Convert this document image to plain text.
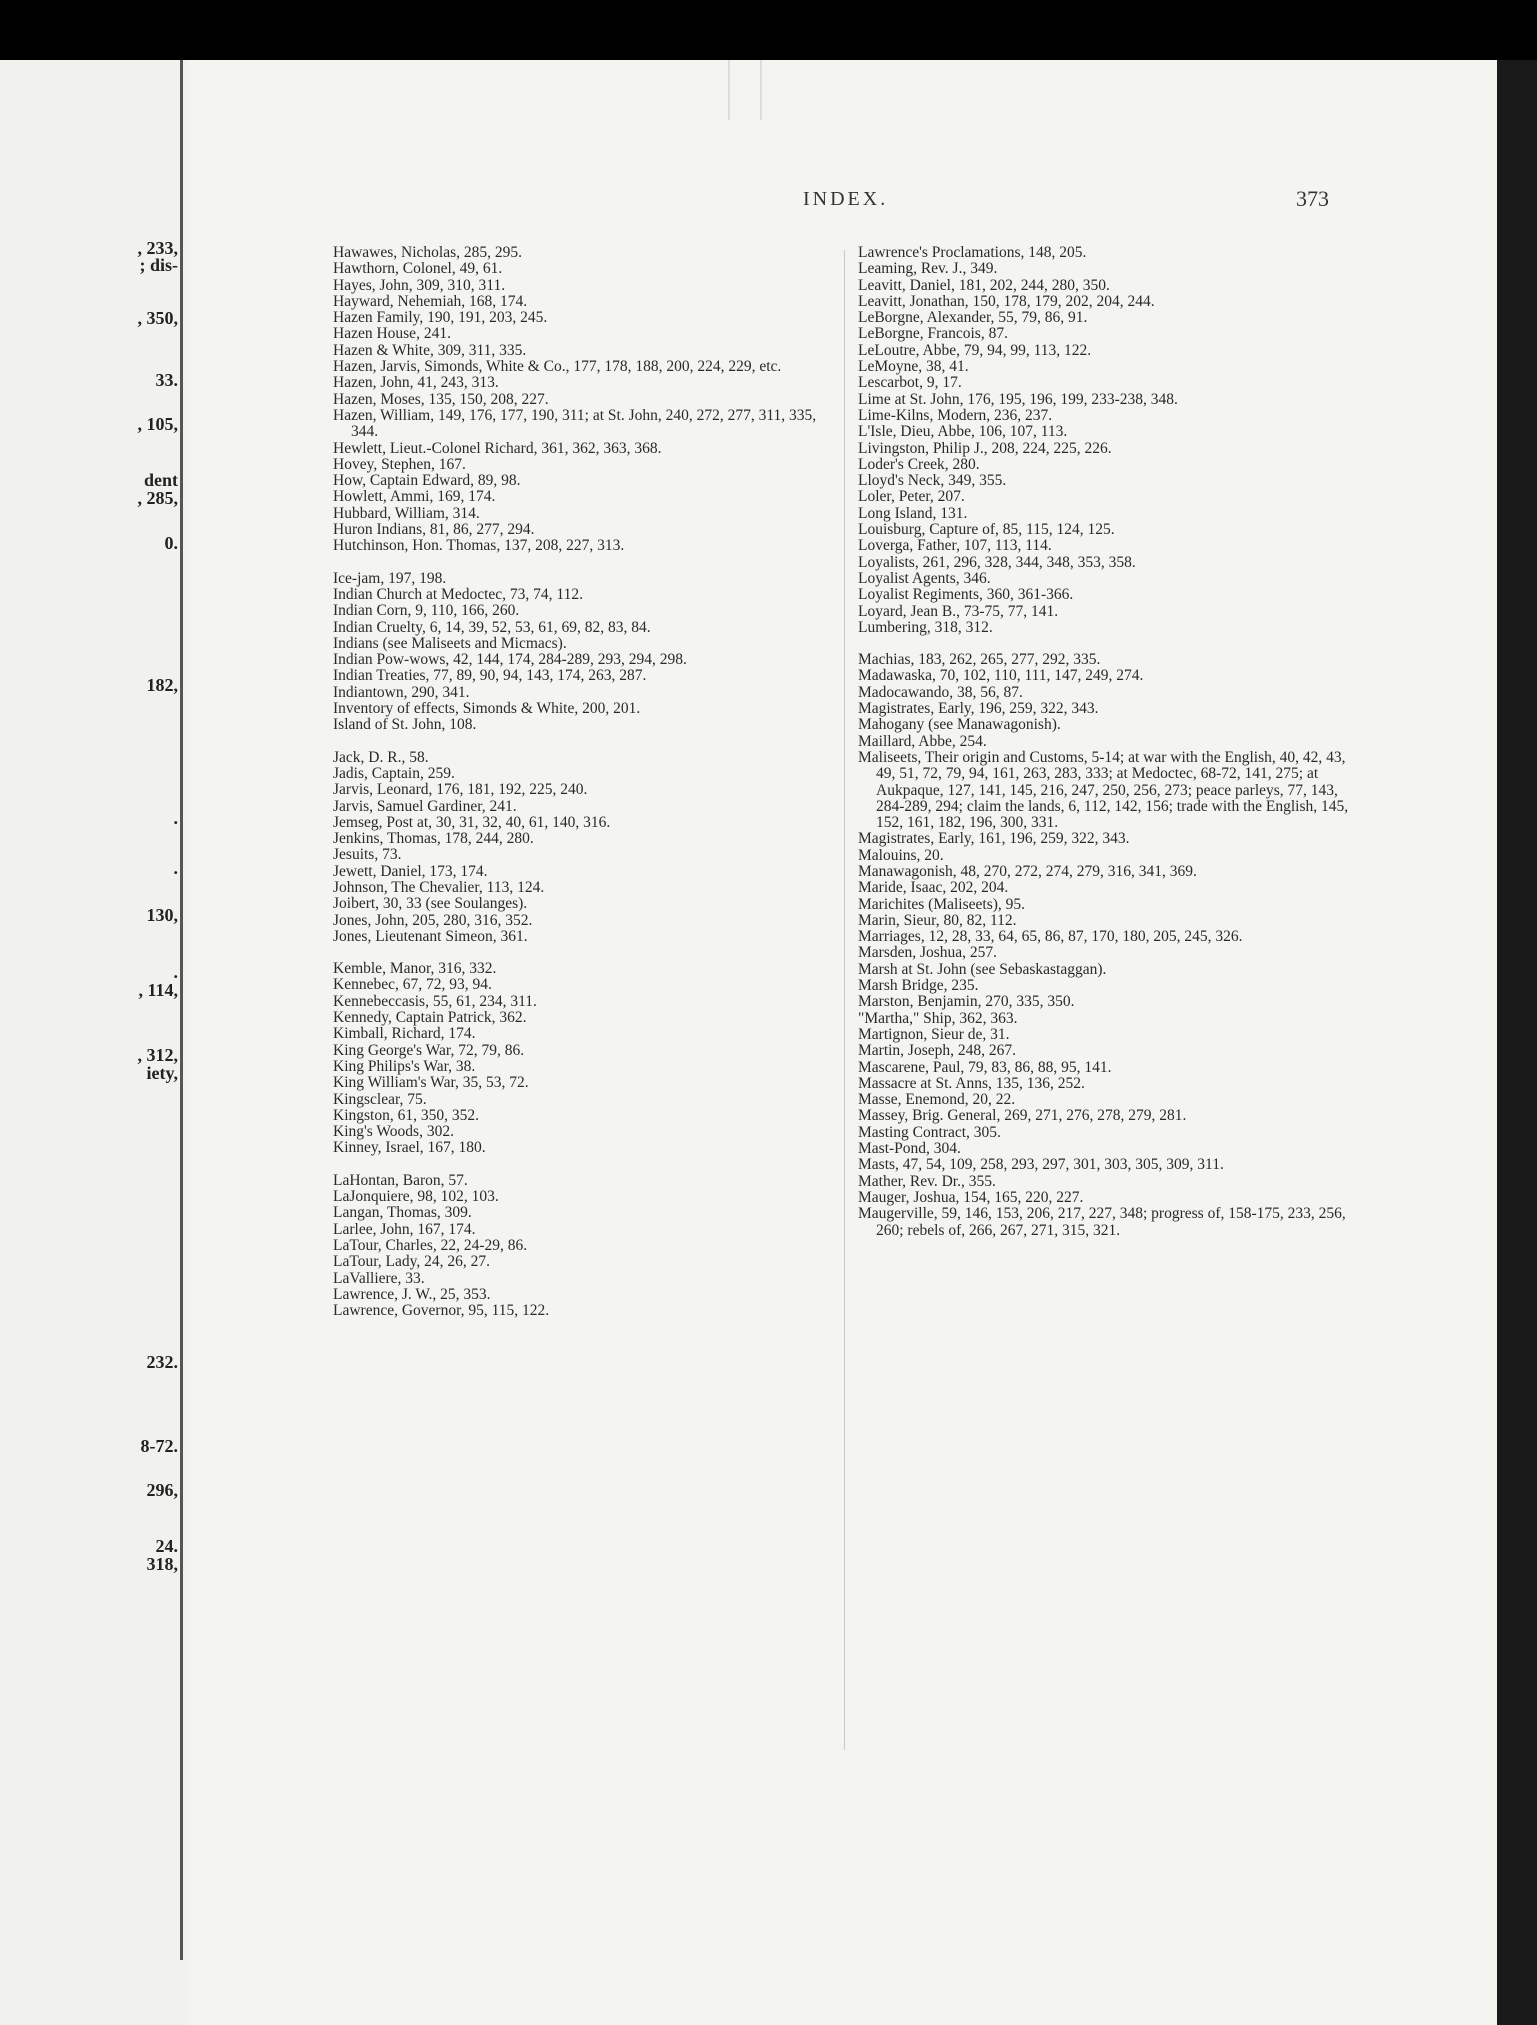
, 233,
; dis-
, 350,
33.
, 105,
dent
, 285,
0.
182,
.
.
130,
.
, 114,
, 312,
iety,
232.
8-72.
296,
24.
318,
INDEX.	373
Hawawes, Nicholas, 285, 295.
Hawthorn, Colonel, 49, 61.
Hayes, John, 309, 310, 311.
Hayward, Nehemiah, 168, 174.
Hazen Family, 190, 191, 203, 245.
Hazen House, 241.
Hazen & White, 309, 311, 335.
Hazen, Jarvis, Simonds, White & Co., 177, 178, 188, 200, 224, 229, etc.
Hazen, John, 41, 243, 313.
Hazen, Moses, 135, 150, 208, 227.
Hazen, William, 149, 176, 177, 190, 311; at St. John, 240, 272, 277, 311, 335, 344.
Hewlett, Lieut.-Colonel Richard, 361, 362, 363, 368.
Hovey, Stephen, 167.
How, Captain Edward, 89, 98.
Howlett, Ammi, 169, 174.
Hubbard, William, 314.
Huron Indians, 81, 86, 277, 294.
Hutchinson, Hon. Thomas, 137, 208, 227, 313.
Ice-jam, 197, 198.
Indian Church at Medoctec, 73, 74, 112.
Indian Corn, 9, 110, 166, 260.
Indian Cruelty, 6, 14, 39, 52, 53, 61, 69, 82, 83, 84.
Indians (see Maliseets and Micmacs).
Indian Pow-wows, 42, 144, 174, 284-289, 293, 294, 298.
Indian Treaties, 77, 89, 90, 94, 143, 174, 263, 287.
Indiantown, 290, 341.
Inventory of effects, Simonds & White, 200, 201.
Island of St. John, 108.
Jack, D. R., 58.
Jadis, Captain, 259.
Jarvis, Leonard, 176, 181, 192, 225, 240.
Jarvis, Samuel Gardiner, 241.
Jemseg, Post at, 30, 31, 32, 40, 61, 140, 316.
Jenkins, Thomas, 178, 244, 280.
Jesuits, 73.
Jewett, Daniel, 173, 174.
Johnson, The Chevalier, 113, 124.
Joibert, 30, 33 (see Soulanges).
Jones, John, 205, 280, 316, 352.
Jones, Lieutenant Simeon, 361.
Kemble, Manor, 316, 332.
Kennebec, 67, 72, 93, 94.
Kennebeccasis, 55, 61, 234, 311.
Kennedy, Captain Patrick, 362.
Kimball, Richard, 174.
King George's War, 72, 79, 86.
King Philips's War, 38.
King William's War, 35, 53, 72.
Kingsclear, 75.
Kingston, 61, 350, 352.
King's Woods, 302.
Kinney, Israel, 167, 180.
LaHontan, Baron, 57.
LaJonquiere, 98, 102, 103.
Langan, Thomas, 309.
Larlee, John, 167, 174.
LaTour, Charles, 22, 24-29, 86.
LaTour, Lady, 24, 26, 27.
LaValliere, 33.
Lawrence, J. W., 25, 353.
Lawrence, Governor, 95, 115, 122.
Lawrence's Proclamations, 148, 205.
Leaming, Rev. J., 349.
Leavitt, Daniel, 181, 202, 244, 280, 350.
Leavitt, Jonathan, 150, 178, 179, 202, 204, 244.
LeBorgne, Alexander, 55, 79, 86, 91.
LeBorgne, Francois, 87.
LeLoutre, Abbe, 79, 94, 99, 113, 122.
LeMoyne, 38, 41.
Lescarbot, 9, 17.
Lime at St. John, 176, 195, 196, 199, 233-238, 348.
Lime-Kilns, Modern, 236, 237.
L'Isle, Dieu, Abbe, 106, 107, 113.
Livingston, Philip J., 208, 224, 225, 226.
Loder's Creek, 280.
Lloyd's Neck, 349, 355.
Loler, Peter, 207.
Long Island, 131.
Louisburg, Capture of, 85, 115, 124, 125.
Loverga, Father, 107, 113, 114.
Loyalists, 261, 296, 328, 344, 348, 353, 358.
Loyalist Agents, 346.
Loyalist Regiments, 360, 361-366.
Loyard, Jean B., 73-75, 77, 141.
Lumbering, 318, 312.
Machias, 183, 262, 265, 277, 292, 335.
Madawaska, 70, 102, 110, 111, 147, 249, 274.
Madocawando, 38, 56, 87.
Magistrates, Early, 196, 259, 322, 343.
Mahogany (see Manawagonish).
Maillard, Abbe, 254.
Maliseets, Their origin and Customs, 5-14; at war with the English, 40, 42, 43, 49, 51, 72, 79, 94, 161, 263, 283, 333; at Medoctec, 68-72, 141, 275; at Aukpaque, 127, 141, 145, 216, 247, 250, 256, 273; peace parleys, 77, 143, 284-289, 294; claim the lands, 6, 112, 142, 156; trade with the English, 145, 152, 161, 182, 196, 300, 331.
Magistrates, Early, 161, 196, 259, 322, 343.
Malouins, 20.
Manawagonish, 48, 270, 272, 274, 279, 316, 341, 369.
Maride, Isaac, 202, 204.
Marichites (Maliseets), 95.
Marin, Sieur, 80, 82, 112.
Marriages, 12, 28, 33, 64, 65, 86, 87, 170, 180, 205, 245, 326.
Marsden, Joshua, 257.
Marsh at St. John (see Sebaskastaggan).
Marsh Bridge, 235.
Marston, Benjamin, 270, 335, 350.
"Martha," Ship, 362, 363.
Martignon, Sieur de, 31.
Martin, Joseph, 248, 267.
Mascarene, Paul, 79, 83, 86, 88, 95, 141.
Massacre at St. Anns, 135, 136, 252.
Masse, Enemond, 20, 22.
Massey, Brig. General, 269, 271, 276, 278, 279, 281.
Masting Contract, 305.
Mast-Pond, 304.
Masts, 47, 54, 109, 258, 293, 297, 301, 303, 305, 309, 311.
Mather, Rev. Dr., 355.
Mauger, Joshua, 154, 165, 220, 227.
Maugerville, 59, 146, 153, 206, 217, 227, 348; progress of, 158-175, 233, 256, 260; rebels of, 266, 267, 271, 315, 321.
